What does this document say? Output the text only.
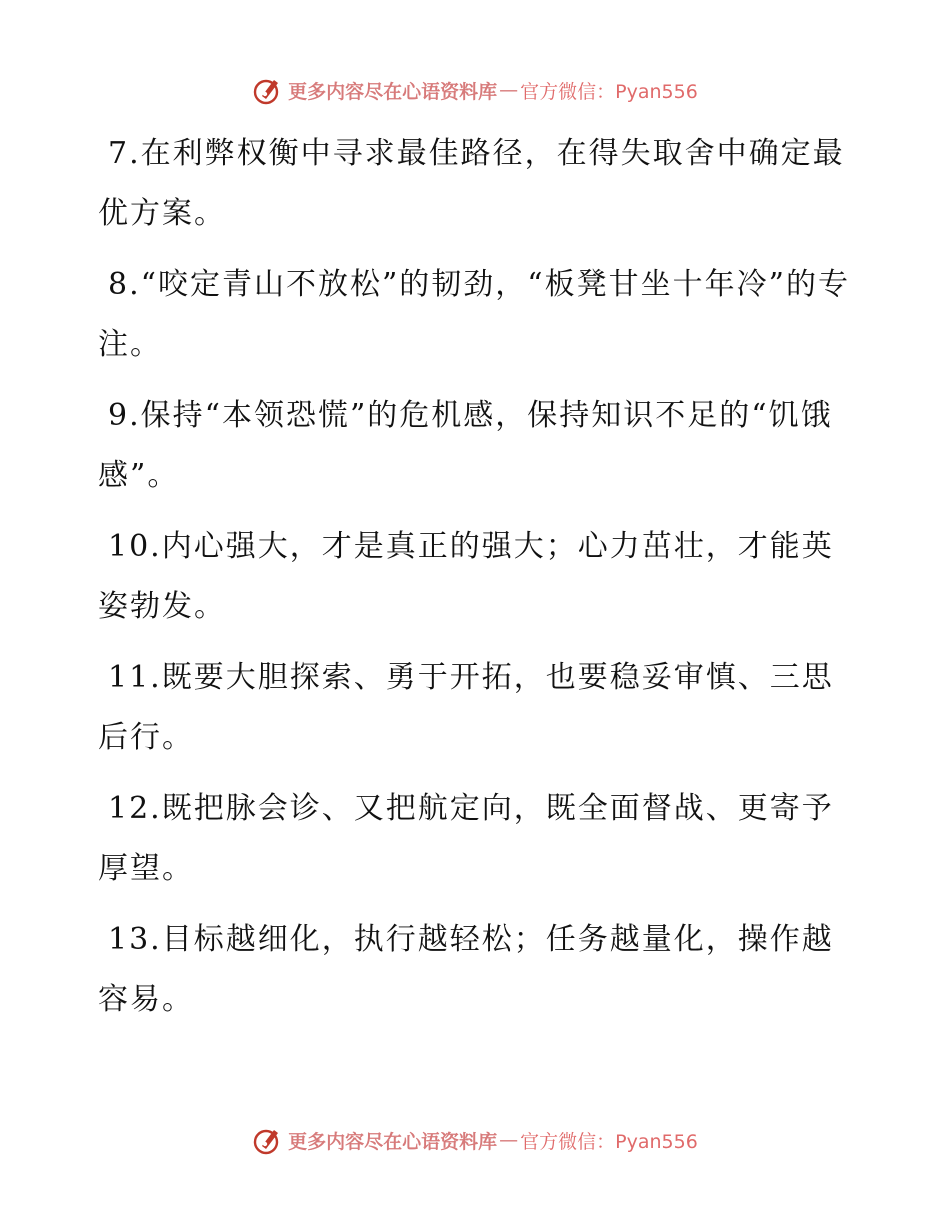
更多内容尽在心语资料库 — 官方微信：Pyan556

7.在利弊权衡中寻求最佳路径，在得失取舍中确定最优方案。

8.“咬定青山不放松”的韧劲，“板凳甘坐十年冷”的专注。

9.保持“本领恐慌”的危机感，保持知识不足的“饥饿感”。

10.内心强大，才是真正的强大；心力茁壮，才能英姿勃发。

11.既要大胆探索、勇于开拓，也要稳妥审慎、三思后行。

12.既把脉会诊、又把航定向，既全面督战、更寄予厚望。

13.目标越细化，执行越轻松；任务越量化，操作越容易。

更多内容尽在心语资料库 — 官方微信：Pyan556
